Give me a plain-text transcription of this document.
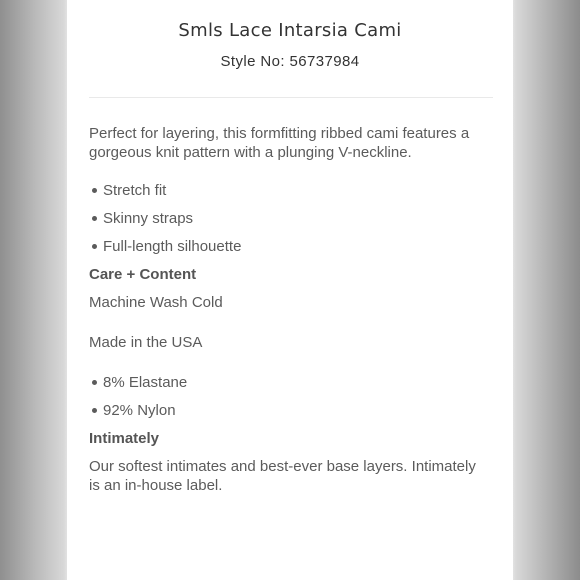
Smls Lace Intarsia Cami
Style No: 56737984

Perfect for layering, this formfitting ribbed cami features a gorgeous knit pattern with a plunging V-neckline.

Stretch fit
Skinny straps
Full-length silhouette
Care + Content

Machine Wash Cold

Made in the USA

8% Elastane
92% Nylon
Intimately

Our softest intimates and best-ever base layers. Intimately is an in-house label.
